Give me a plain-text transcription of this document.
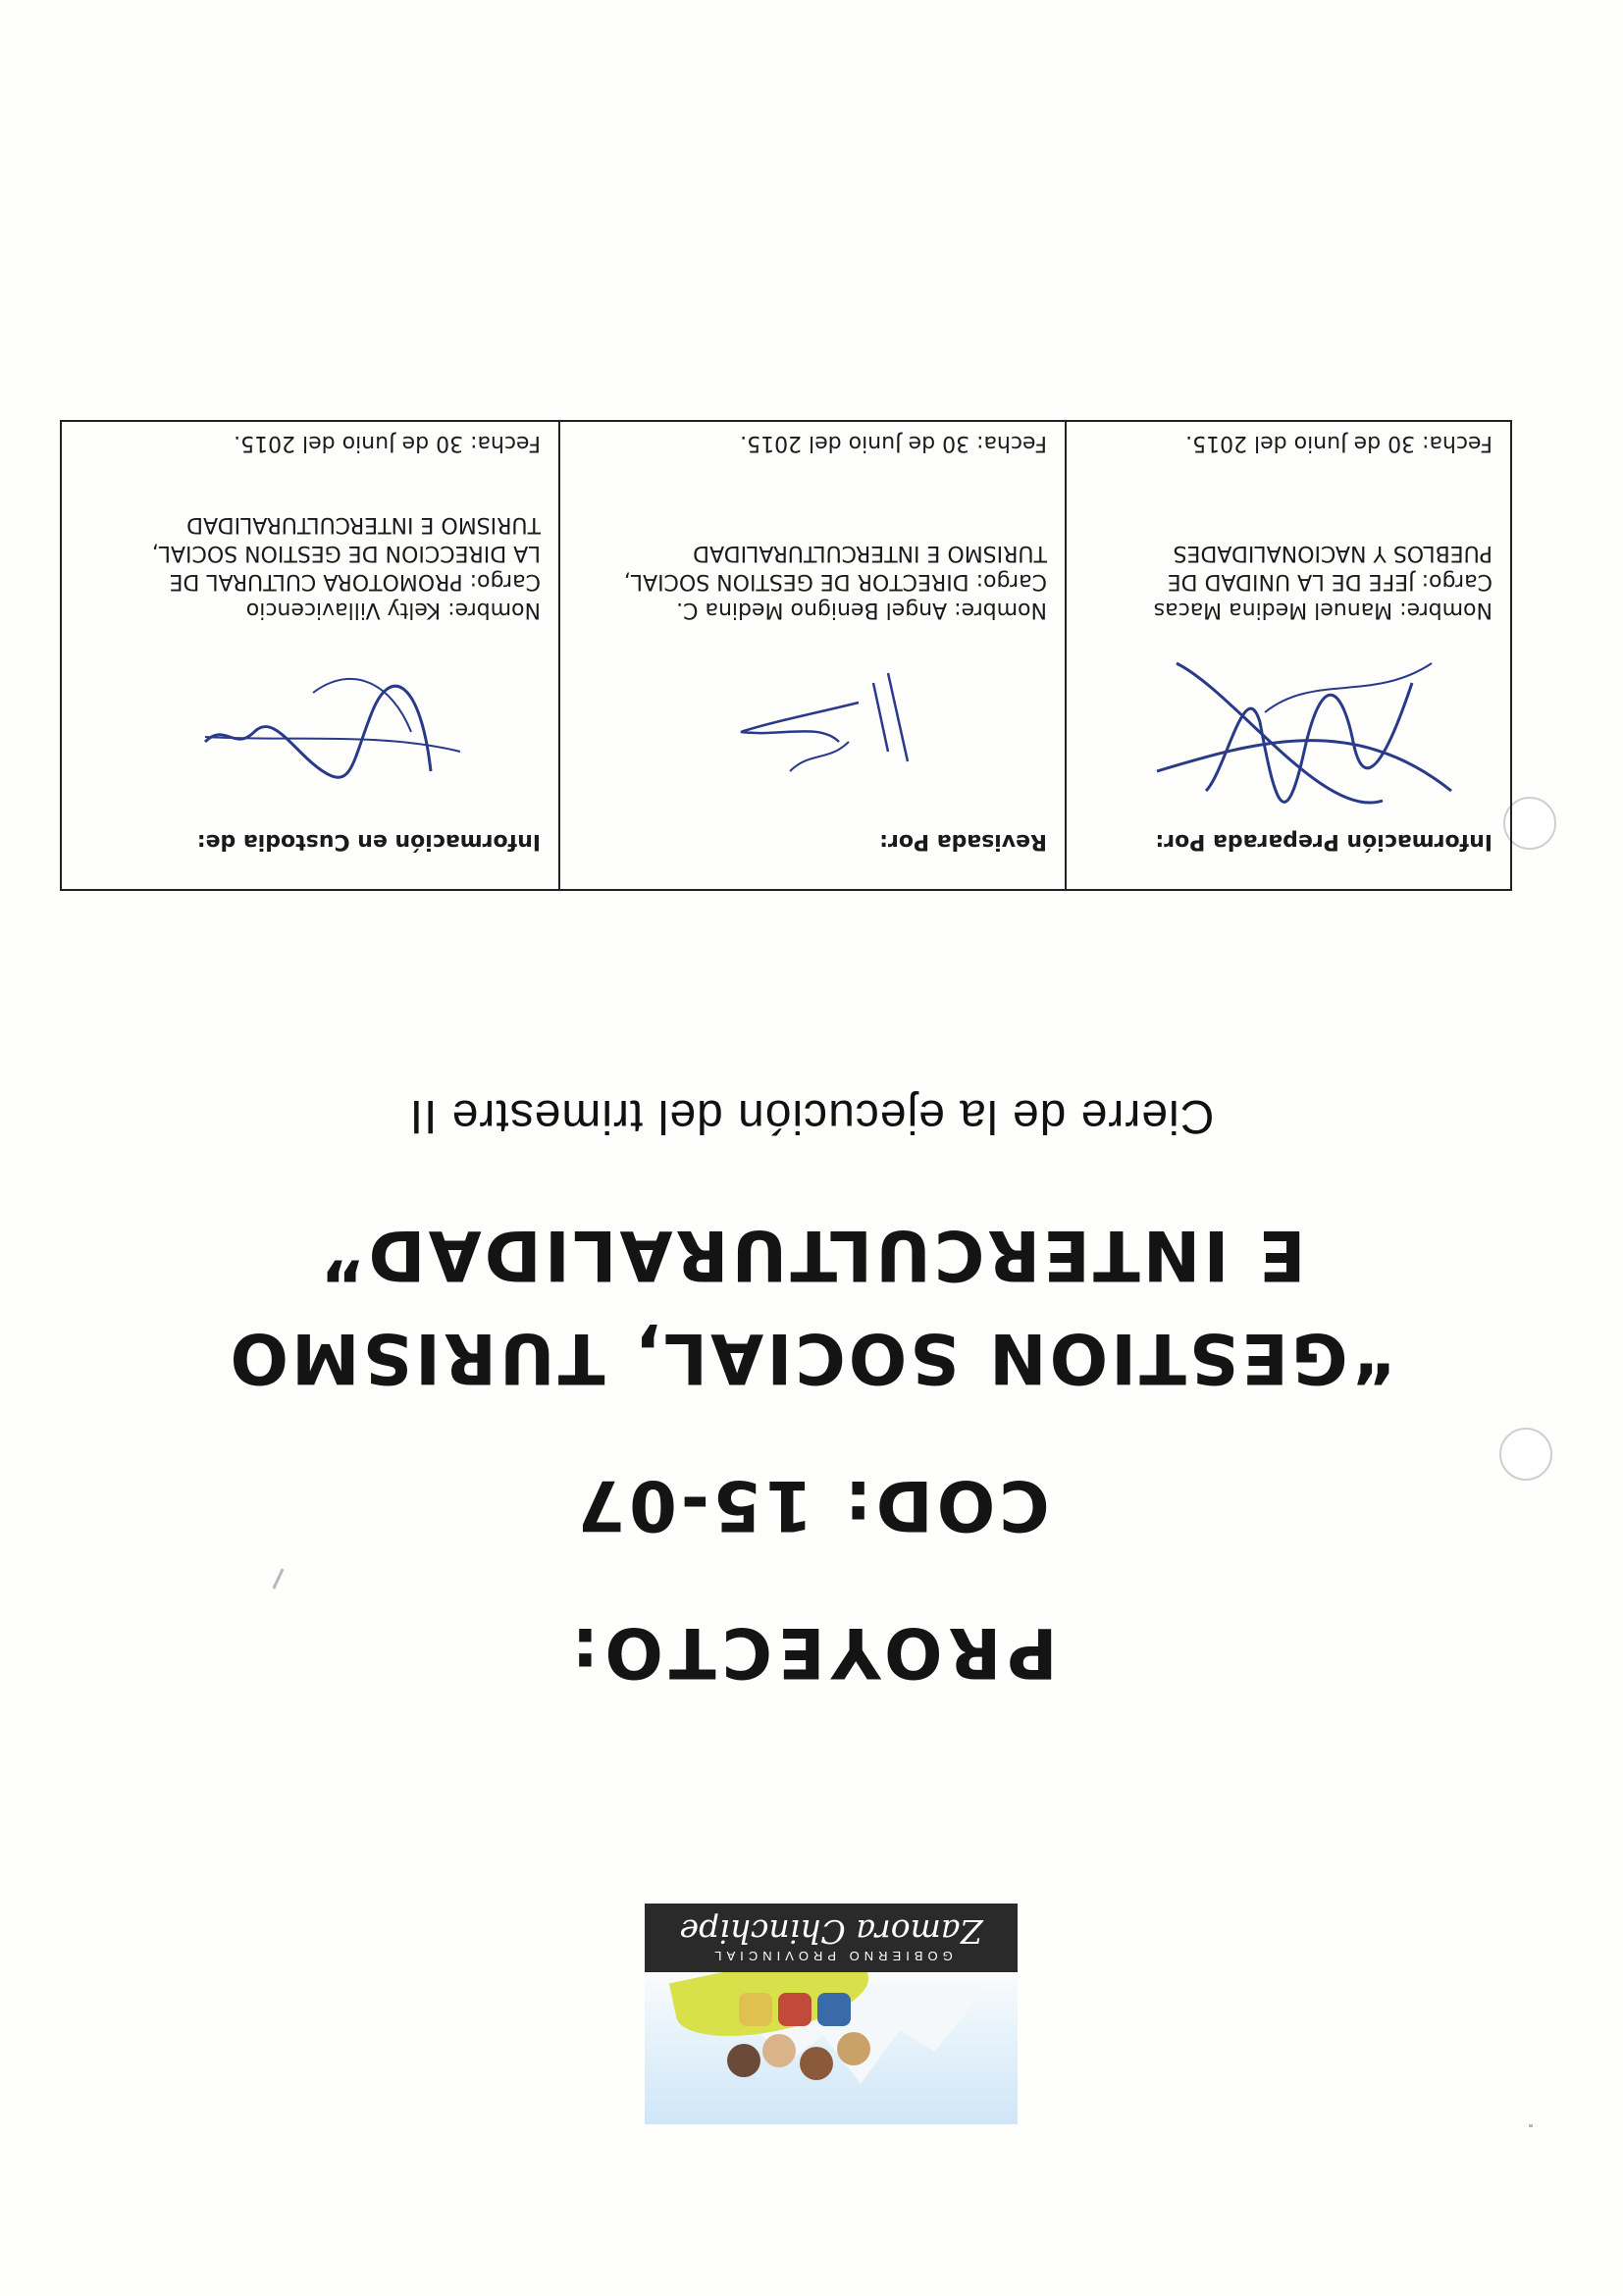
GOBIERNO PROVINCIAL
Zamora Chinchipe
PROYECTO:
COD: 15-07
“GESTION SOCIAL, TURISMO
E INTERCULTURALIDAD”
Cierre de la ejecución del trimestre II
Información Preparada Por:
Nombre: Manuel Medina Macas
Cargo: JEFE DE LA UNIDAD DE
PUEBLOS Y NACIONALIDADES
Fecha: 30 de Junio del 2015.
Revisada Por:
Nombre: Angel Benigno Medina C.
Cargo: DIRECTOR DE GESTION SOCIAL,
TURISMO E INTERCULTURALIDAD
Fecha: 30 de Junio del 2015.
Información en Custodia de:
Nombre: Kelty Villavicencio
Cargo: PROMOTORA CULTURAL DE
LA DIRECCION DE GESTION SOCIAL,
TURISMO E INTERCULTURALIDAD
Fecha: 30 de Junio del 2015.
